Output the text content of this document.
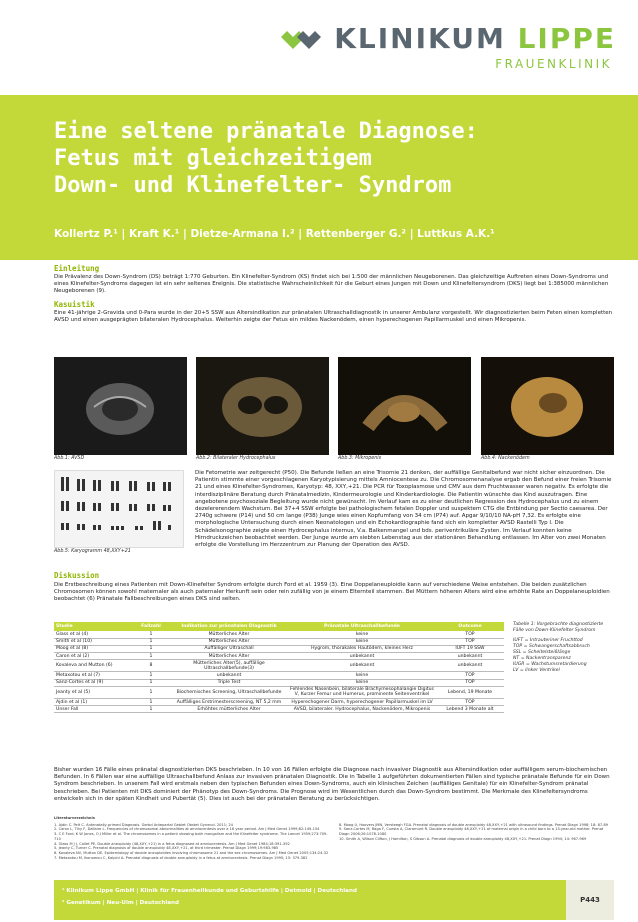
KLINIKUM LIPPE
FRAUENKLINIK
Eine seltene pränatale Diagnose:
Fetus mit gleichzeitigem
Down- und Klinefelter- Syndrom
Kollertz P.¹ | Kraft K.¹ | Dietze-Armana I.² | Rettenberger G.² | Luttkus A.K.¹
Einleitung
Die Prävalenz des Down-Syndrom (DS) beträgt 1:770 Geburten. Ein Klinefelter-Syndrom (KS) findet sich bei 1:500 der männlichen Neugeborenen. Das gleichzeitige Auftreten eines Down-Syndroms und eines Klinefelter-Syndroms dagegen ist ein sehr seltenes Ereignis. Die statistische Wahrscheinlichkeit für die Geburt eines Jungen mit Down und Klinefeltersyndrom (DKS) liegt bei 1:385000 männlichen Neugeborenen (9).
Kasuistik
Eine 41-jährige 2-Gravida und 0-Para wurde in der 20+5 SSW aus Altersindikation zur pränatalen Ultraschalldiagnostik in unserer Ambulanz vorgestellt. Wir diagnostizierten beim Feten einen kompletten AVSD und einen ausgeprägten bilateralen Hydrocephalus. Weiterhin zeigte der Fetus ein mildes Nackenödem, einen hyperechogenen Papillarmuskel und einen Mikropenis.
Abb.1: AVSD	Abb.2: Bilateraler Hydrocephalus	Abb.3: Mikropenis	Abb.4: Nackenödem
Abb.5: Karyogramm 48,XXY+21
Die Fetometrie war zeitgerecht (P50). Die Befunde ließen an eine Trisomie 21 denken, der auffällige Genitalbefund war nicht sicher einzuordnen. Die Patientin stimmte einer vorgeschlagenen Karyotypisierung mittels Amniocentese zu. Die Chromosomenanalyse ergab den Befund einer freien Trisomie 21 und eines Klinefelter-Syndromes, Karyotyp: 48, XXY,+21. Die PCR für Toxoplasmose und CMV aus dem Fruchtwasser waren negativ. Es erfolgte die interdisziplinäre Beratung durch Pränatalmedizin, Kindermeurologie und Kinderkardiologie. Die Patientin wünschte das Kind auszutragen. Eine angebotene psychosoziale Begleitung wurde nicht gewünscht. Im Verlauf kam es zu einer deutlichen Regression des Hydrocephalus und zu einem dezelererendem Wachstum. Bei 37+4 SSW erfolgte bei pathologischem fetalen Doppler und suspektem CTG die Entbindung per Sectio caesarea. Der 2740g schwere (P14) und 50 cm lange (P38) Junge wies einen Kopfumfang von 34 cm (P74) auf. Apgar 9/10/10 NA-pH 7,32. Es erfolgte eine morphologische Untersuchung durch einen Neonatologen und ein Echokardiographie fand sich ein kompletter AVSD Rastelli Typ I. Die Schädelsonographie zeigte einen Hydrocephalus internus, V.a. Balkenmangel und bds. periventrikuläre Zysten. Im Verlauf konnten keine Hirndruckzeichen beobachtet werden. Der Junge wurde am siebten Lebenstag aus der stationären Behandlung entlassen. Im Alter von zwei Monaten erfolgte die Vorstellung im Herzzentrum zur Planung der Operation des AVSD.
Diskussion
Die Erstbeschreibung eines Patienten mit Down-Klinefelter Syndrom erfolgte durch Ford et al. 1959 (3). Eine Doppelaneuploidie kann auf verschiedene Weise entstehen. Die beiden zusätzlichen Chromosomen können sowohl maternaler als auch paternaler Herkunft sein oder rein zufällig von je einem Elternteil stammen. Bei Müttern höheren Alters wird eine erhöhte Rate an Doppelaneuploidien beobachtet (6) Pränatale Fallbeschreibungen eines DKS sind selten.
Studie	Fallzahl	Indikation zur pränatalen Diagnostik	Pränatale Ultraschallbefunde	Outcome
Glass et al (4)	1	Mütterliches Alter	keine	TOP
Smith et al (10)	1	Mütterliches Alter	keine	TOP
Moog et al (8)	1	Auffälliger Ultraschall	Hygrom, thorakales Hautödem, kleines Herz	IUFT 19 SSW
Caron et al (2)	1	Mütterliches Alter	unbekannt	unbekannt
Kovaleva and Mutton (6)	8	Mütterliches Alter(5), auffällige Ultraschallbefunde(3)	unbekannt	unbekannt
Metaxotou et al (7)	1	unbekannt	keine	TOP
Sanz-Cortes et al (9)	1	Triple Test	keine	TOP
Jeanty et al (5)	1	Biochemisches Screening, Ultraschallbefunde	Fehlendes Nasenbein, bilaterale Brachymesophalangie Digitus V, Kurzer Femur und Humerus, prominente Seitenventrikel	Lebend, 19 Monate
Ajdin et al (1)	1	Auffälliges Erstrimesterscreening, NT 5,2 mm	Hyperechogener Darm, hyperechogener Papillarmuskel im LV	TOP
Unser Fall	1	Erhöhtes mütterliches Alter	AVSD, bilateraler. Hydrocephalus, Nackenödem, Mikropenis	Lebend 3 Monate alt
Tabelle 1: Vorgebrachte diagnostizierte Fälle von Down-Klinefelter Syndrom
IUFT = Intrauteriner Fruchttod
TOP = Schwangerschaftsabbruch
SSL = Scheitelsteißlänge
NT = Nackentransparenz
IUGR = Wachstumsretardierung
LV = linker Ventrikel
Bisher wurden 16 Fälle eines pränatal diagnostizierten DKS beschrieben. In 10 von 16 Fällen erfolgte die Diagnose nach invasiver Diagnostik aus Altersindikation oder auffälligem serum-biochemischen Befunden. In 6 Fällen war eine auffällige Ultraschallbefund Anlass zur invasiven pränatalen Diagnostik. Die in Tabelle 1 aufgeführten dokumentierten Fällen sind typische pränatale Befunde für ein Down Syndrom beschrieben. In unserem Fall wird erstmals neben den typischen Befunden eines Down-Syndroms, auch ein klinisches Zeichen (auffälliges Genitale) für ein Klinefelter-Syndrom pränatal beschrieben. Bei Patienten mit DKS dominiert der Phänotyp des Down-Syndroms. Die Prognose wird im Wesentlichen durch das Down-Syndrom bestimmt. Die Merkmale des Klinefeltersyndroms entwickeln sich in der späten Kindheit und Pubertät (5). Dies ist auch bei der pränatalen Beratung zu berücksichtigen.
Literaturverzeichnis
1. Ajdin C. Pelt C. Antenatally-primed Diagnosis. Gerbd Antepartal Gebiet Obstet Gynecol. 2011; 24
2. Caron L, Tihy F, Dallaire L. Frequencies of chromosomal abnormalities at amniocentesis over a 16 year period. Am J Med Genet 1999;82:149-154
3. C E Ford, K W Jones, O J Miller et al. The chromosomes in a patient showing both mongolism and the Klinefelter syndrome. The Lancet 1959;273:709-710
4. Glass M J J, Collet PE. Double aneuploidy (48,XXY,+21) in a fetus diagnosed at amniocentesis. Am J Med Genet 1984;18:391-392
5. Jeanty C, Turner C. Prenatal diagnosis of double aneuploidy 48,XXY,+21, at third trimester. Prenat Diagn 1999;19:983-985
6. Kovaleva NV, Mutton DE. Epidemiology of double aneuploidies involving chromosome 21 and the sex chromosomes. Am J Med Genet 2005;134:24-32
7. Metaxotou M, Ikonomou C, Kalpini A. Prenatal diagnosis of double aneuploidy in a fetus at amniocentesis. Prenat Diagn 1995; 15: 379-382
8. Moog U, Hoovers JMN, Versteegh FGA. Prenatal diagnosis of double aneuploidy 48,XXY,+21 with ultrasound findings. Prenat Diagn 1998; 18: 87-89
9. Sanz-Cortes M, Raga F, Cuesta A, Claramunt R. Double aneuploidy 48,XXY,+21 of maternal origin in a child born to a 13-year-old mother. Prenat Diagn 2006;26:1078-1080
10. Smith A, Wilson Clifton, J Hamilton, S Gibson A. Prenatal diagnosis of double aneuploidy 48,XXY,+21. Prenat Diagn 1994; 14: 967-969
¹ Klinikum Lippe GmbH | Klinik für Frauenheilkunde und Geburtshilfe | Detmold | Deutschland
² Genetikum | Neu-Ulm | Deutschland	P443
